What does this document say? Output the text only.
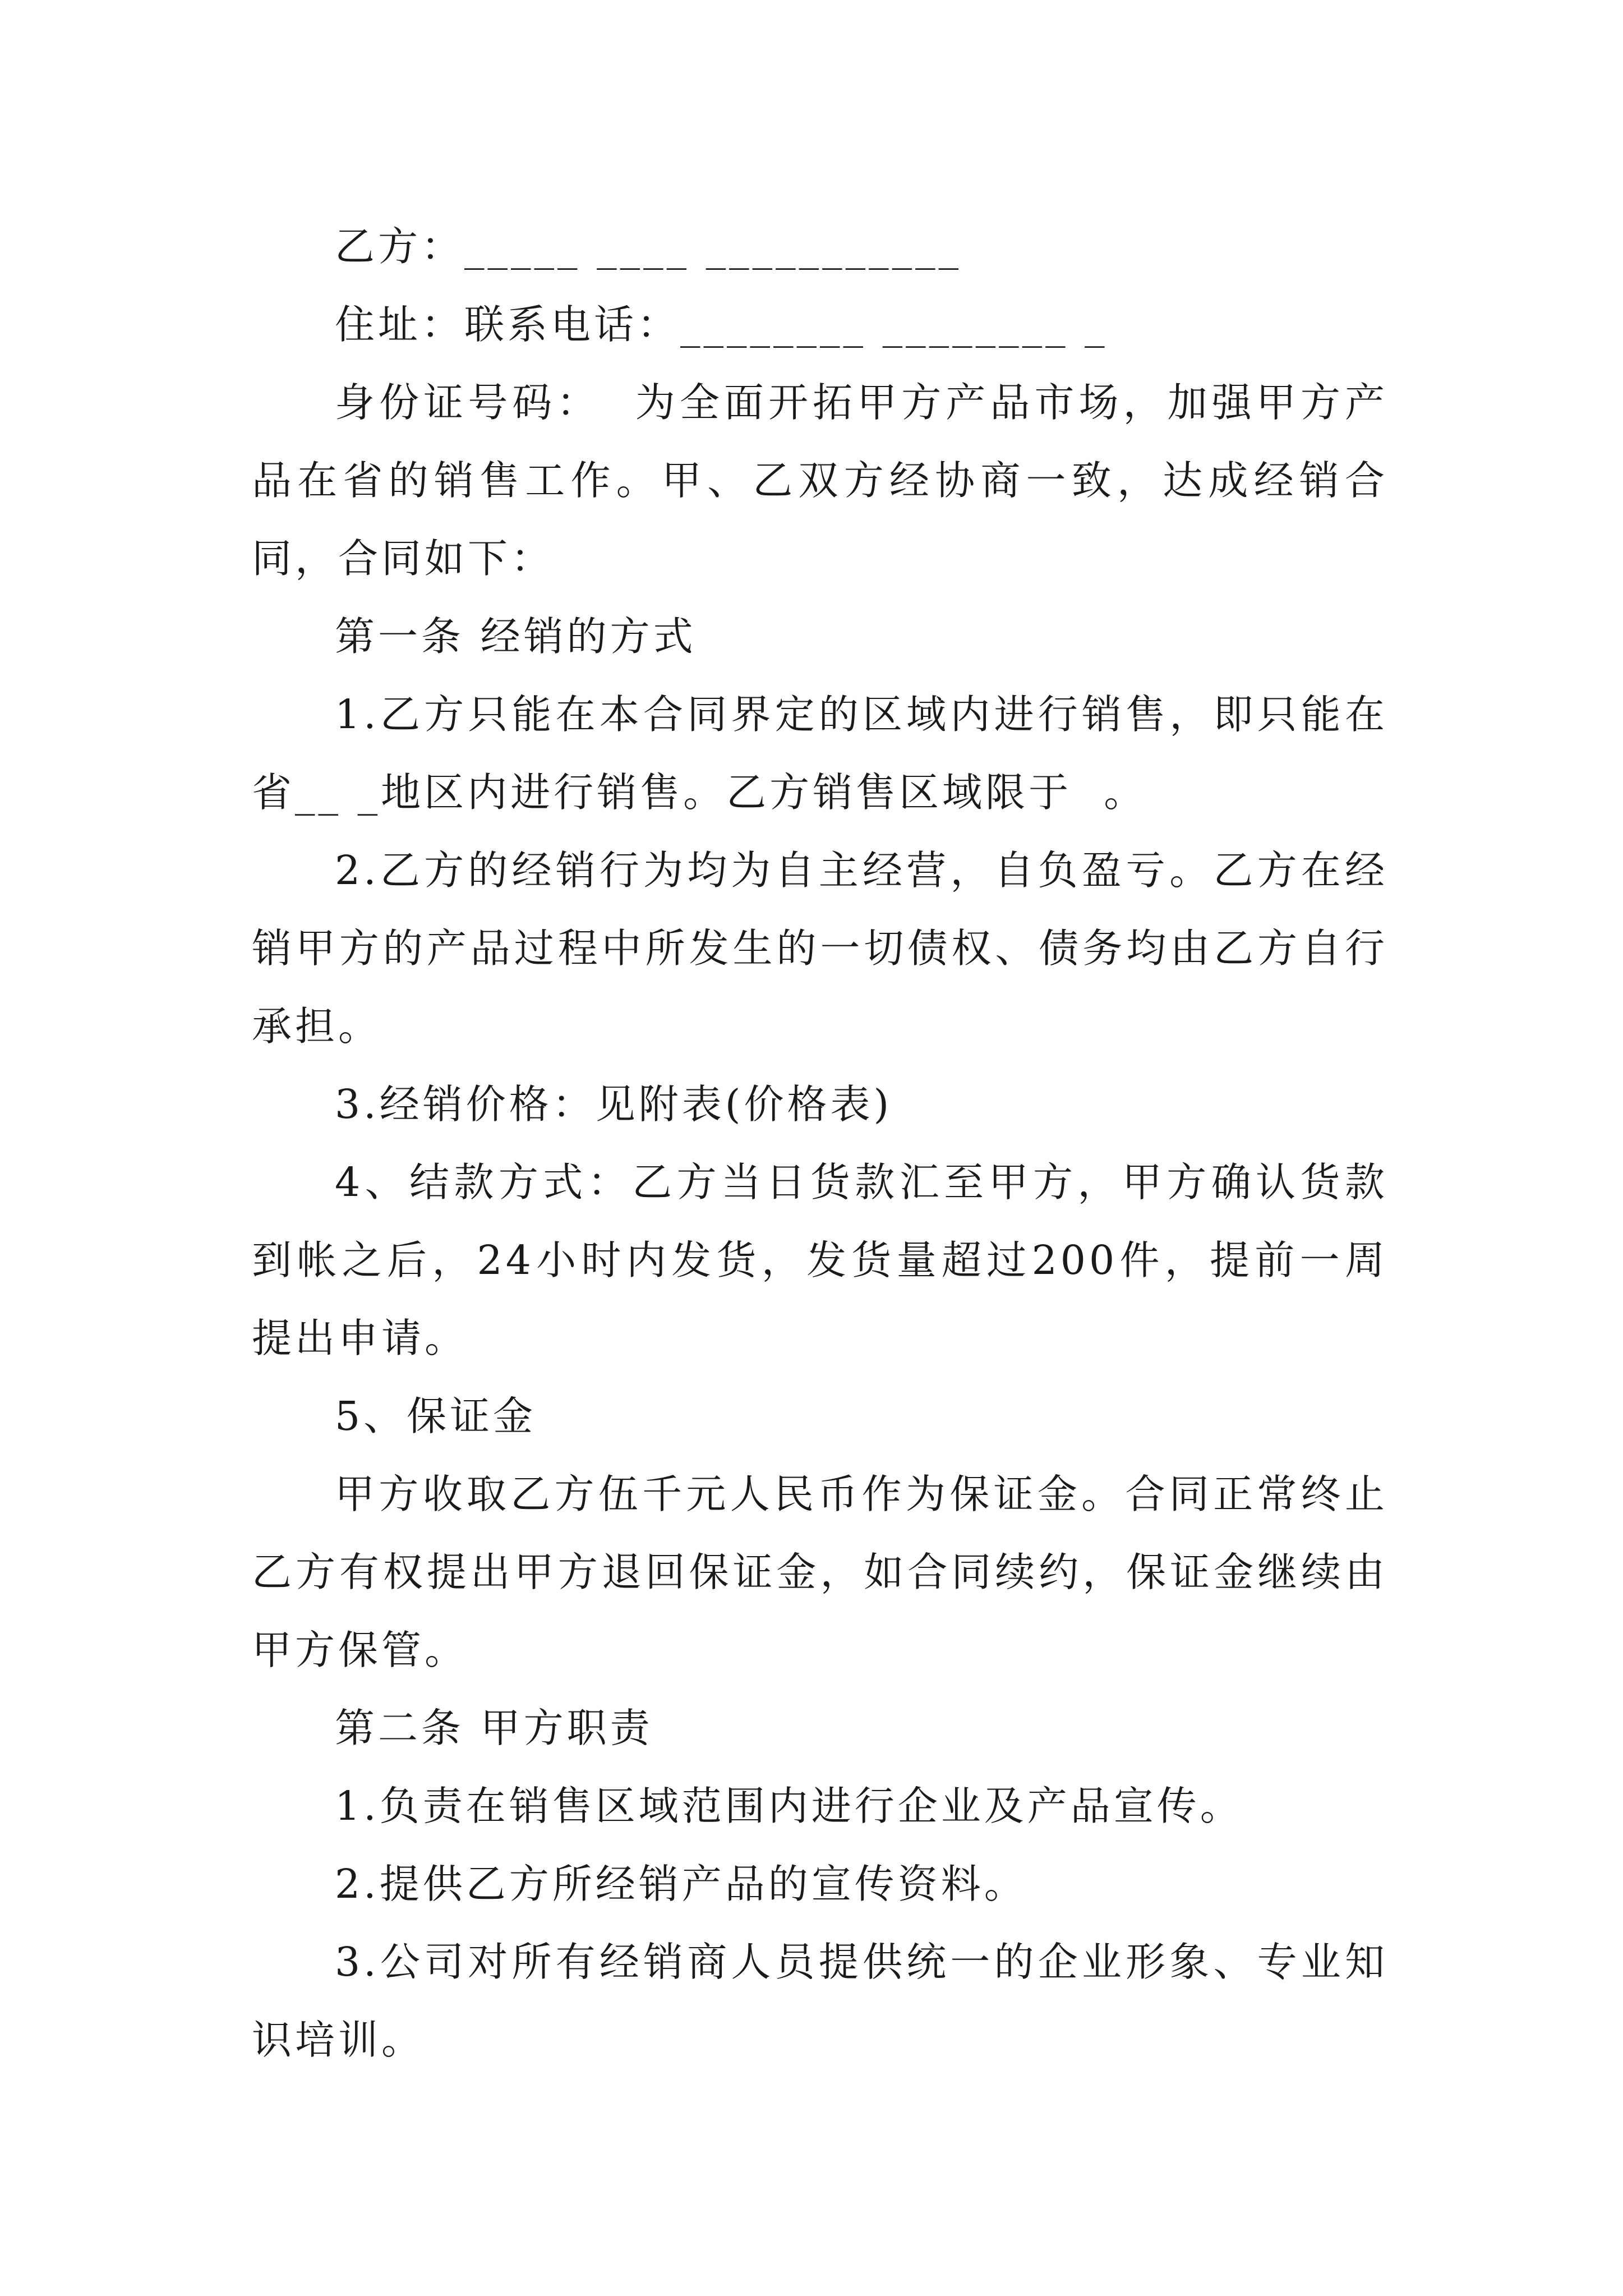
乙方：_____ ____ ___________

住址：联系电话：________ ________ _

身份证号码：  为全面开拓甲方产品市场，加强甲方产品在省的销售工作。甲、乙双方经协商一致，达成经销合同，合同如下：

第一条 经销的方式

1.乙方只能在本合同界定的区域内进行销售，即只能在省__ _地区内进行销售。乙方销售区域限于  。

2.乙方的经销行为均为自主经营，自负盈亏。乙方在经销甲方的产品过程中所发生的一切债权、债务均由乙方自行承担。

3.经销价格：见附表(价格表)

4、结款方式：乙方当日货款汇至甲方，甲方确认货款到帐之后，24小时内发货，发货量超过200件，提前一周提出申请。

5、保证金

甲方收取乙方伍千元人民币作为保证金。合同正常终止乙方有权提出甲方退回保证金，如合同续约，保证金继续由甲方保管。

第二条 甲方职责

1.负责在销售区域范围内进行企业及产品宣传。

2.提供乙方所经销产品的宣传资料。

3.公司对所有经销商人员提供统一的企业形象、专业知识培训。
